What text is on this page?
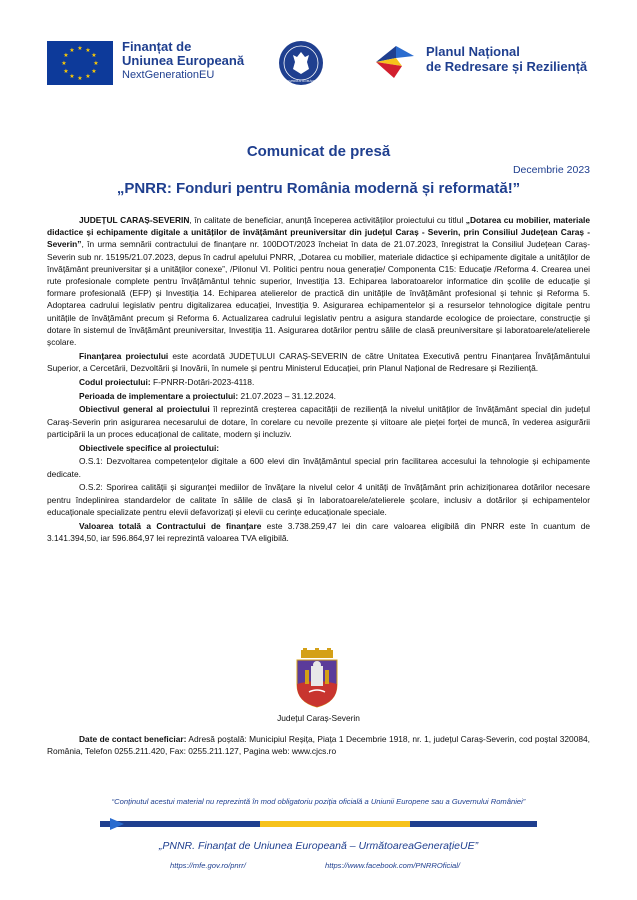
★ ★
★
★
★
★
★
★
★
★
★
★	Finanțat de
Uniunea Europeană
NextGenerationEU	GUVERNUL ROMÂNIEI
Planul Național
de Redresare și Reziliență
Comunicat de presă
Decembrie 2023
„PNRR: Fonduri pentru România modernă și reformată!”

JUDEȚUL CARAȘ-SEVERIN, în calitate de beneficiar, anunță începerea activităților proiectului cu titlul „Dotarea cu mobilier, materiale didactice și echipamente digitale a unităților de învățământ preuniversitar din județul Caraș - Severin, prin Consiliul Județean Caraș - Severin”, în urma semnării contractului de finanțare nr. 100DOT/2023 încheiat în data de 21.07.2023, înregistrat la Consiliul Județean Caraș-Severin sub nr. 15195/21.07.2023, depus în cadrul apelului PNRR, „Dotarea cu mobilier, materiale didactice și echipamente digitale a unităților de învățământ preuniversitar și a unităților conexe”, /Pilonul VI. Politici pentru noua generație/ Componenta C15: Educație /Reforma 4. Crearea unei rute profesionale complete pentru învățământul tehnic superior, Investiția 13. Echiparea laboratoarelor informatice din școlile de educație și formare profesională (EFP) și Investiția 14. Echiparea atelierelor de practică din unitățile de învățământ profesional și tehnic și Reforma 5. Adoptarea cadrului legislativ pentru digitalizarea educației, Investiția 9. Asigurarea echipamentelor și a resurselor tehnologice digitale pentru unitățile de învățământ precum și Reforma 6. Actualizarea cadrului legislativ pentru a asigura standarde ecologice de proiectare, construcție și dotare în sistemul de învățământ preuniversitar, Investiția 11. Asigurarea dotărilor pentru sălile de clasă preuniversitare și laboratoarele/atelierele școlare.

Finanțarea proiectului este acordată JUDEȚULUI CARAȘ-SEVERIN de către Unitatea Executivă pentru Finanțarea Învățământului Superior, a Cercetării, Dezvoltării și Inovării, în numele și pentru Ministerul Educației, prin Planul Național de Redresare și Reziliență.

Codul proiectului: F-PNRR-Dotări-2023-4118.

Perioada de implementare a proiectului: 21.07.2023 – 31.12.2024.

Obiectivul general al proiectului îl reprezintă creșterea capacității de reziliență la nivelul unităților de învățământ special din județul Caraș-Severin prin asigurarea necesarului de dotare, în corelare cu nevoile prezente și viitoare ale pieței forței de muncă, în vederea asigurării participării la un proces educațional de calitate, modern și incluziv.

Obiectivele specifice al proiectului:

O.S.1: Dezvoltarea competențelor digitale a 600 elevi din învățământul special prin facilitarea accesului la tehnologie și echipamente dedicate.

O.S.2: Sporirea calității și siguranței mediilor de învățare la nivelul celor 4 unități de învățământ prin achiziționarea dotărilor necesare pentru îndeplinirea standardelor de calitate în sălile de clasă și în laboratoarele/atelierele școlare, inclusiv a dotărilor și echipamentelor educaționale specializate pentru elevii defavorizați și elevii cu cerințe educaționale speciale.

Valoarea totală a Contractului de finanțare este 3.738.259,47 lei din care valoarea eligibilă din PNRR este în cuantum de 3.141.394,50, iar 596.864,97 lei reprezintă valoarea TVA eligibilă.

Județul Caraș-Severin

Date de contact beneficiar: Adresă poștală: Municipiul Reșița, Piața 1 Decembrie 1918, nr. 1, județul Caraș-Severin, cod poștal 320084, România, Telefon 0255.211.420, Fax: 0255.211.127, Pagina web: www.cjcs.ro

“Conținutul acestui material nu reprezintă în mod obligatoriu poziția oficială a Uniunii Europene sau a Guvernului României”
„PNNR. Finanțat de Uniunea Europeană – UrmătoareaGenerațieUE”
https://mfe.gov.ro/pnrr/	https://www.facebook.com/PNRROficial/
